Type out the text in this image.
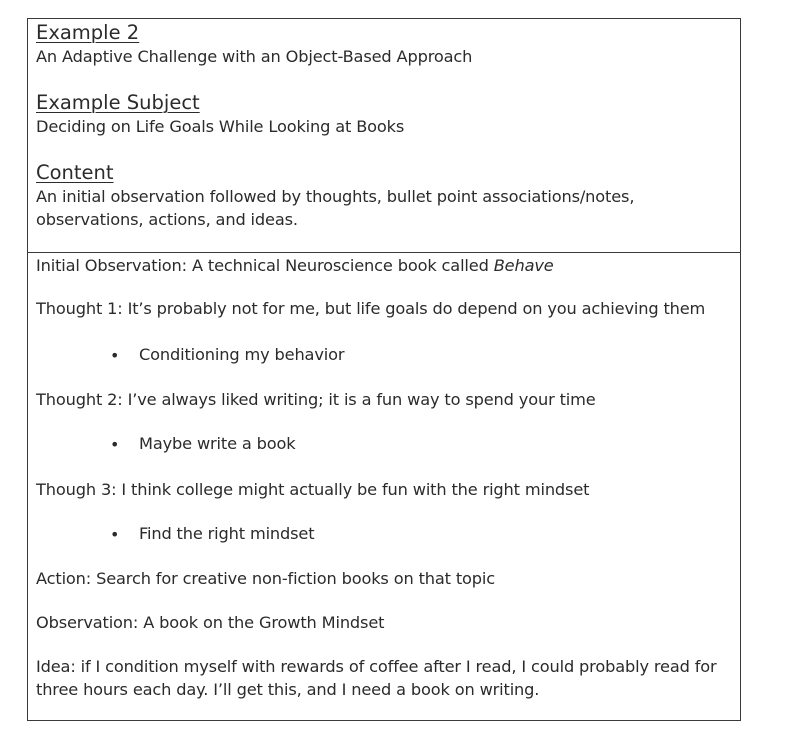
Example 2

An Adaptive Challenge with an Object-Based Approach

Example Subject

Deciding on Life Goals While Looking at Books

Content

An initial observation followed by thoughts, bullet point associations/notes, observations, actions, and ideas.

Initial Observation: A technical Neuroscience book called Behave

Thought 1: It’s probably not for me, but life goals do depend on you achieving them

• Conditioning my behavior

Thought 2: I’ve always liked writing; it is a fun way to spend your time

• Maybe write a book

Though 3: I think college might actually be fun with the right mindset

• Find the right mindset

Action: Search for creative non-fiction books on that topic

Observation: A book on the Growth Mindset

Idea: if I condition myself with rewards of coffee after I read, I could probably read for three hours each day. I’ll get this, and I need a book on writing.
